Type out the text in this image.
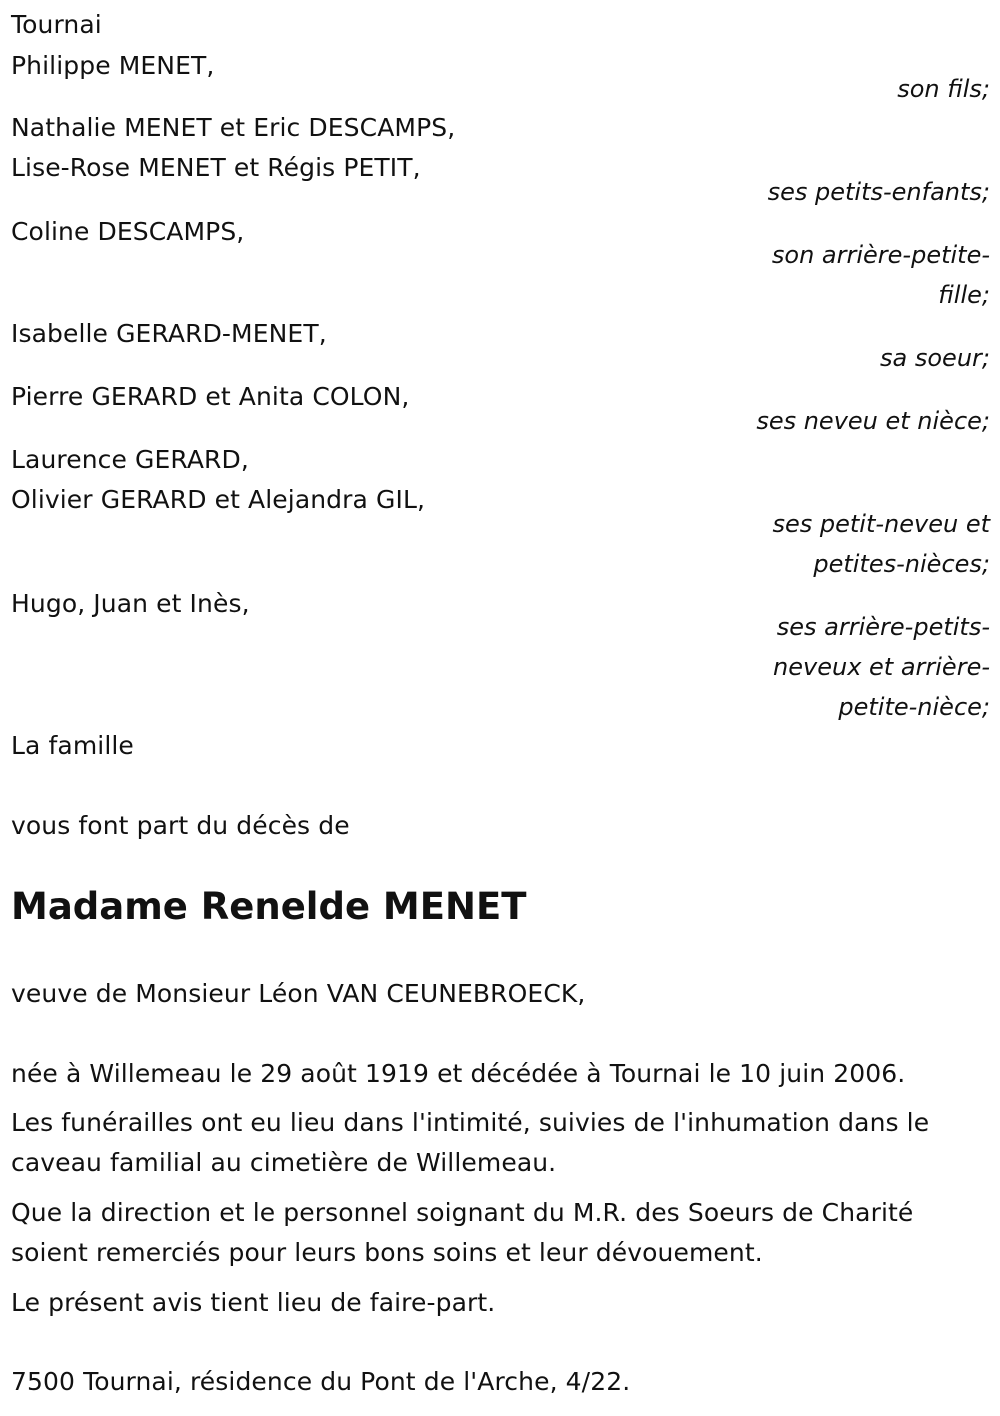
Tournai
Philippe MENET,
son fils;
Nathalie MENET et Eric DESCAMPS,
Lise-Rose MENET et Régis PETIT,
ses petits-enfants;
Coline DESCAMPS,
son arrière-petite-fille;
Isabelle GERARD-MENET,
sa soeur;
Pierre GERARD et Anita COLON,
ses neveu et nièce;
Laurence GERARD,
Olivier GERARD et Alejandra GIL,
ses petit-neveu et petites-nièces;
Hugo, Juan et Inès,
ses arrière-petits-neveux et arrière-petite-nièce;
La famille
vous font part du décès de
Madame Renelde MENET
veuve de Monsieur Léon VAN CEUNEBROECK,
née à Willemeau le 29 août 1919 et décédée à Tournai le 10 juin 2006.
Les funérailles ont eu lieu dans l'intimité, suivies de l'inhumation dans le
caveau familial au cimetière de Willemeau.
Que la direction et le personnel soignant du M.R. des Soeurs de Charité
soient remerciés pour leurs bons soins et leur dévouement.
Le présent avis tient lieu de faire-part.
7500 Tournai, résidence du Pont de l'Arche, 4/22.
